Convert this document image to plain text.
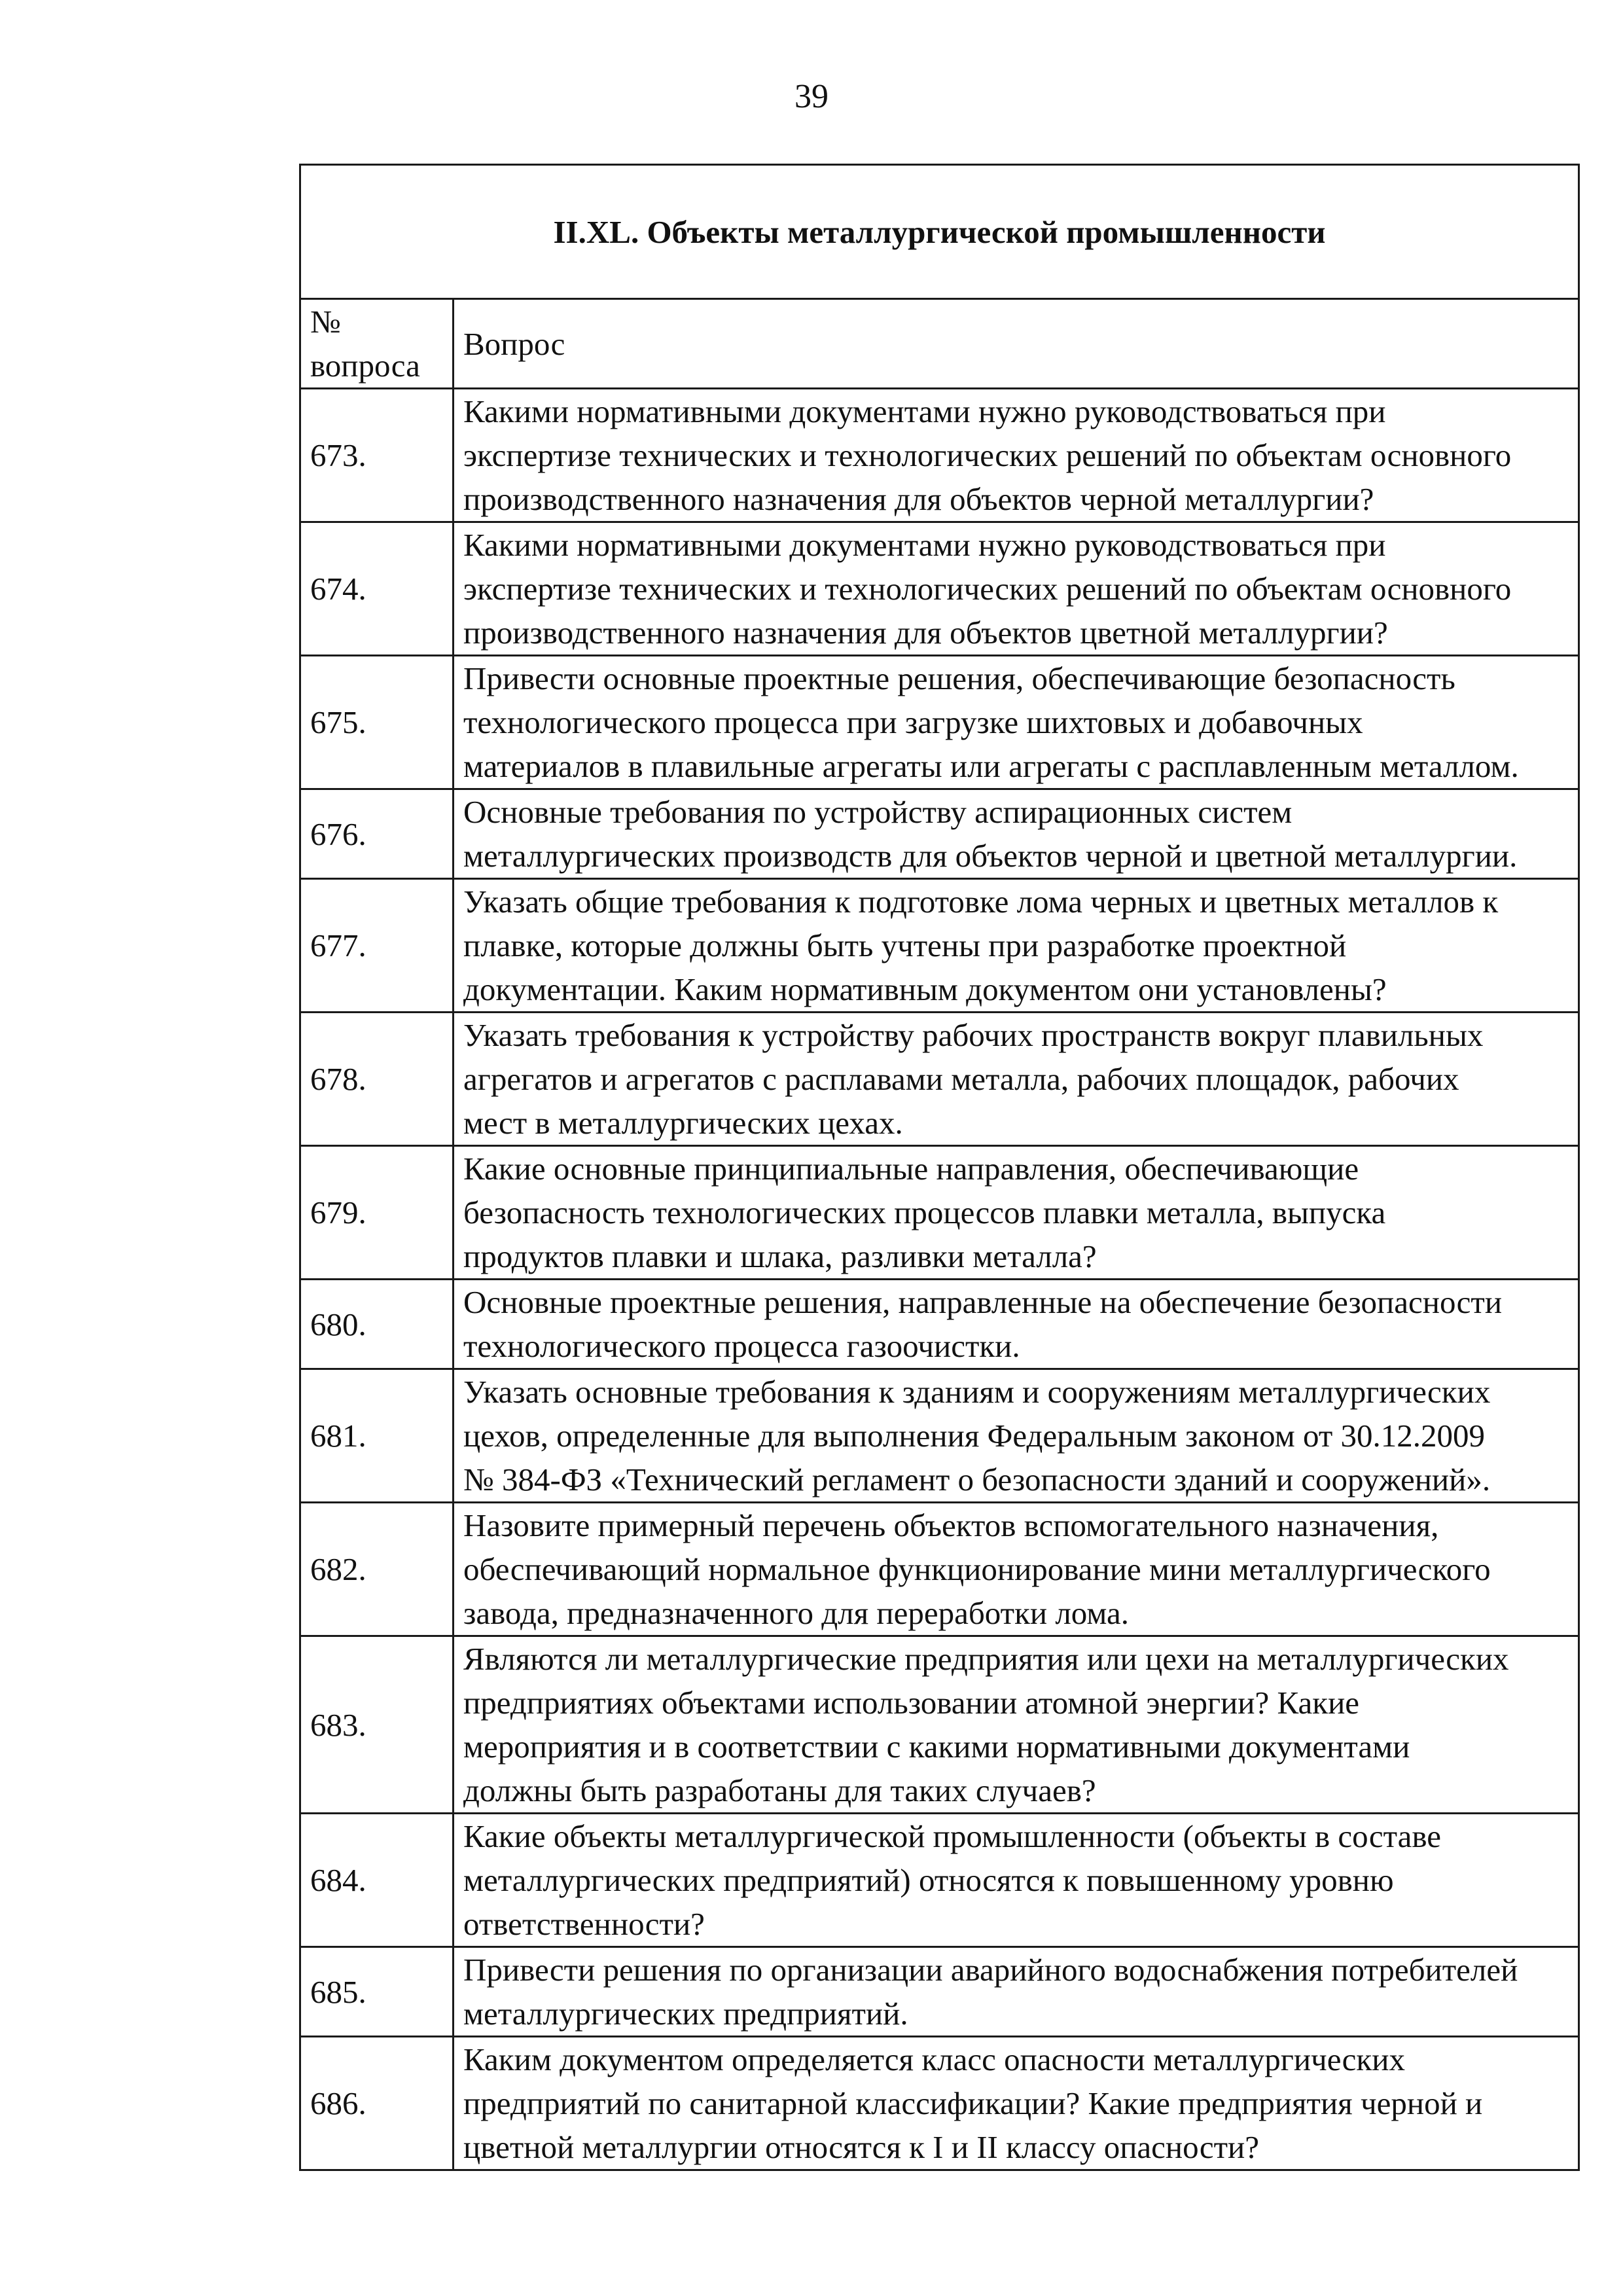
39
II.XL. Объекты металлургической промышленности	

№
вопроса	Вопрос
673.	Какими нормативными документами нужно руководствоваться при
экспертизе технических и технологических решений по объектам основного
производственного назначения для объектов черной металлургии?

674.	Какими нормативными документами нужно руководствоваться при
экспертизе технических и технологических решений по объектам основного
производственного назначения для объектов цветной металлургии?

675.	Привести основные проектные решения, обеспечивающие безопасность
технологического процесса при загрузке шихтовых и добавочных
материалов в плавильные агрегаты или агрегаты с расплавленным металлом.

676.	Основные требования по устройству аспирационных систем
металлургических производств для объектов черной и цветной металлургии.

677.	Указать общие требования к подготовке лома черных и цветных металлов к
плавке, которые должны быть учтены при разработке проектной
документации. Каким нормативным документом они установлены?

678.	Указать требования к устройству рабочих пространств вокруг плавильных
агрегатов и агрегатов с расплавами металла, рабочих площадок, рабочих
мест в металлургических цехах.

679.	Какие основные принципиальные направления, обеспечивающие
безопасность технологических процессов плавки металла, выпуска
продуктов плавки и шлака, разливки металла?

680.	Основные проектные решения, направленные на обеспечение безопасности
технологического процесса газоочистки.

681.	Указать основные требования к зданиям и сооружениям металлургических
цехов, определенные для выполнения Федеральным законом от 30.12.2009
№ 384-ФЗ «Технический регламент о безопасности зданий и сооружений».

682.	Назовите примерный перечень объектов вспомогательного назначения,
обеспечивающий нормальное функционирование мини металлургического
завода, предназначенного для переработки лома.

683.	Являются ли металлургические предприятия или цехи на металлургических
предприятиях объектами использовании атомной энергии? Какие
мероприятия и в соответствии с какими нормативными документами
должны быть разработаны для таких случаев?

684.	Какие объекты металлургической промышленности (объекты в составе
металлургических предприятий) относятся к повышенному уровню
ответственности?

685.	Привести решения по организации аварийного водоснабжения потребителей
металлургических предприятий.

686.	Каким документом определяется класс опасности металлургических
предприятий по санитарной классификации? Какие предприятия черной и
цветной металлургии относятся к I и II классу опасности?
